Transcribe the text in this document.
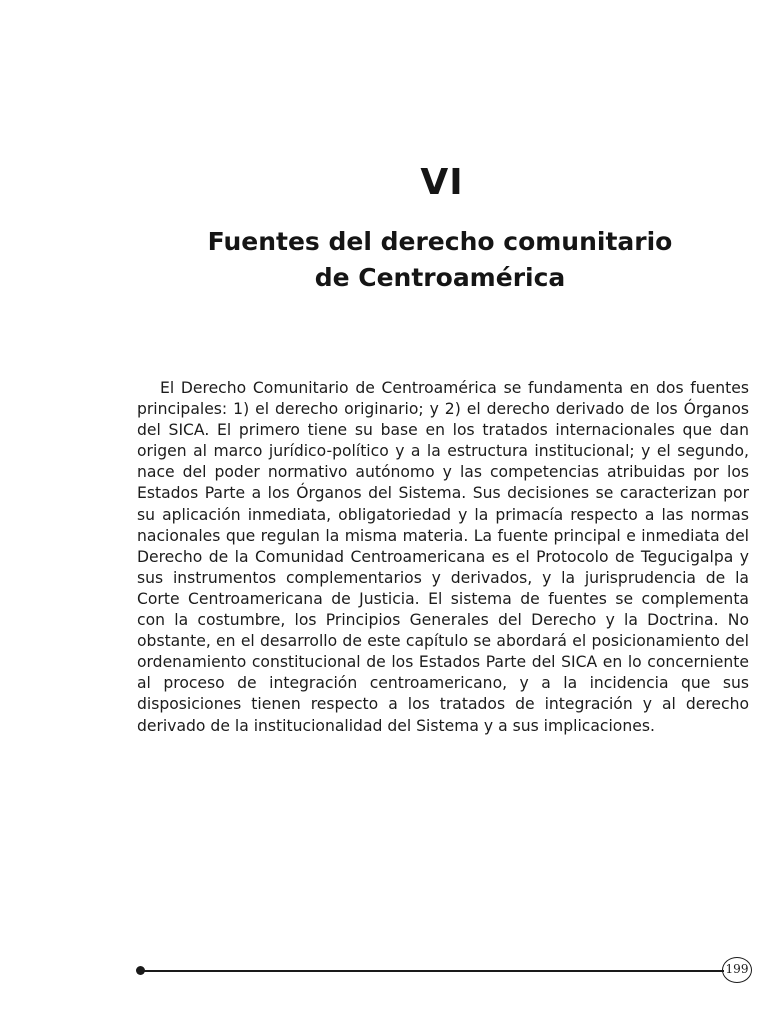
VI
Fuentes del derecho comunitario
de Centroamérica

El Derecho Comunitario de Centroamérica se fundamenta en dos fuentes principales: 1) el derecho originario; y 2) el derecho derivado de los Órganos del SICA. El primero tiene su base en los tratados internacionales que dan origen al marco jurídico-político y a la estructura institucional; y el segundo, nace del poder normativo autónomo y las competencias atribuidas por los Estados Parte a los Órganos del Sistema. Sus decisiones se caracterizan por su aplicación inmediata, obligatoriedad y la primacía respecto a las normas nacionales que regulan la misma materia. La fuente principal e inmediata del Derecho de la Comunidad Centroamericana es el Protocolo de Tegucigalpa y sus instrumentos complementarios y derivados, y la jurisprudencia de la Corte Centroamericana de Justicia. El sistema de fuentes se complementa con la costumbre, los Principios Generales del Derecho y la Doctrina. No obstante, en el desarrollo de este capítulo se abordará el posicionamiento del ordenamiento constitucional de los Estados Parte del SICA en lo concerniente al proceso de integración centroamericano, y a la incidencia que sus disposiciones tienen respecto a los tratados de integración y al derecho derivado de la institucionalidad del Sistema y a sus implicaciones.

199
